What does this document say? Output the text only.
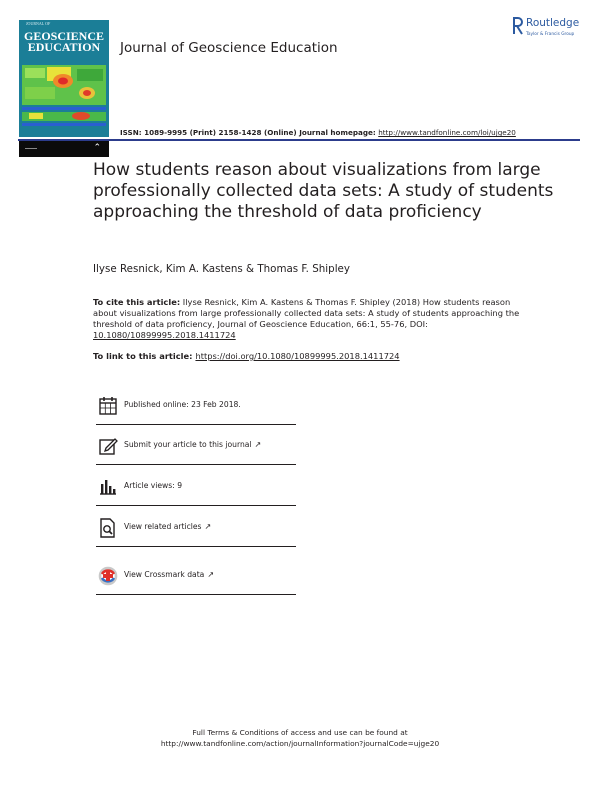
JOURNAL OF
GEOSCIENCE
EDUCATION
⌃
Journal of Geoscience Education
Routledge
Taylor & Francis Group
ISSN: 1089-9995 (Print) 2158-1428 (Online) Journal homepage: http://www.tandfonline.com/loi/ujge20
How students reason about visualizations from large professionally collected data sets: A study of students approaching the threshold of data proficiency
Ilyse Resnick, Kim A. Kastens & Thomas F. Shipley
To cite this article: Ilyse Resnick, Kim A. Kastens & Thomas F. Shipley (2018) How students reason about visualizations from large professionally collected data sets: A study of students approaching the threshold of data proficiency, Journal of Geoscience Education, 66:1, 55-76, DOI: 10.1080/10899995.2018.1411724
To link to this article: https://doi.org/10.1080/10899995.2018.1411724
Published online: 23 Feb 2018.
Submit your article to this journal ↗
Article views: 9
View related articles ↗
View Crossmark data ↗
Full Terms & Conditions of access and use can be found at
http://www.tandfonline.com/action/journalInformation?journalCode=ujge20
